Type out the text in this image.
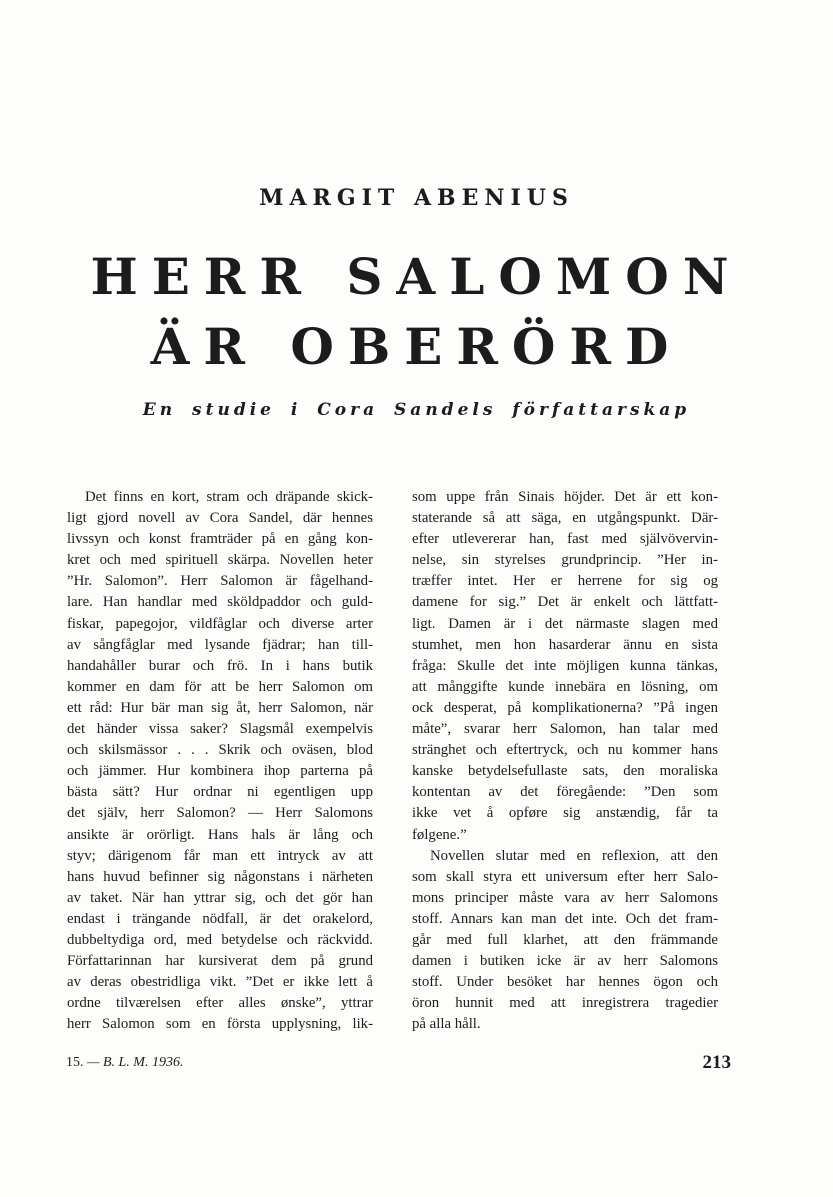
MARGIT ABENIUS
HERR SALOMON
ÄR OBERÖRD
En studie i Cora Sandels författarskap
Det finns en kort, stram och dräpande skick-
ligt gjord novell av Cora Sandel, där hennes
livssyn och konst framträder på en gång kon-
kret och med spirituell skärpa. Novellen heter
”Hr. Salomon”. Herr Salomon är fågelhand-
lare. Han handlar med sköldpaddor och guld-
fiskar, papegojor, vildfåglar och diverse arter
av sångfåglar med lysande fjädrar; han till-
handahåller burar och frö. In i hans butik
kommer en dam för att be herr Salomon om
ett råd: Hur bär man sig åt, herr Salomon, när
det händer vissa saker? Slagsmål exempelvis
och skilsmässor . . . Skrik och oväsen, blod
och jämmer. Hur kombinera ihop parterna på
bästa sätt? Hur ordnar ni egentligen upp
det själv, herr Salomon? — Herr Salomons
ansikte är orörligt. Hans hals är lång och
styv; därigenom får man ett intryck av att
hans huvud befinner sig någonstans i närheten
av taket. När han yttrar sig, och det gör han
endast i trängande nödfall, är det orakelord,
dubbeltydiga ord, med betydelse och räckvidd.
Författarinnan har kursiverat dem på grund
av deras obestridliga vikt. ”Det er ikke lett å
ordne tilværelsen efter alles ønske”, yttrar
herr Salomon som en första upplysning, lik-
som uppe från Sinais höjder. Det är ett kon-
staterande så att säga, en utgångspunkt. Där-
efter utlevererar han, fast med självövervin-
nelse, sin styrelses grundprincip. ”Her in-
træffer intet. Her er herrene for sig og
damene for sig.” Det är enkelt och lättfatt-
ligt. Damen är i det närmaste slagen med
stumhet, men hon hasarderar ännu en sista
fråga: Skulle det inte möjligen kunna tänkas,
att månggifte kunde innebära en lösning, om
ock desperat, på komplikationerna? ”På ingen
måte”, svarar herr Salomon, han talar med
stränghet och eftertryck, och nu kommer hans
kanske betydelsefullaste sats, den moraliska
kontentan av det föregående: ”Den som
ikke vet å opføre sig anstændig, får ta
følgene.”
Novellen slutar med en reflexion, att den
som skall styra ett universum efter herr Salo-
mons principer måste vara av herr Salomons
stoff. Annars kan man det inte. Och det fram-
går med full klarhet, att den främmande
damen i butiken icke är av herr Salomons
stoff. Under besöket har hennes ögon och
öron hunnit med att inregistrera tragedier
på alla håll.
15. — B. L. M. 1936.	213
